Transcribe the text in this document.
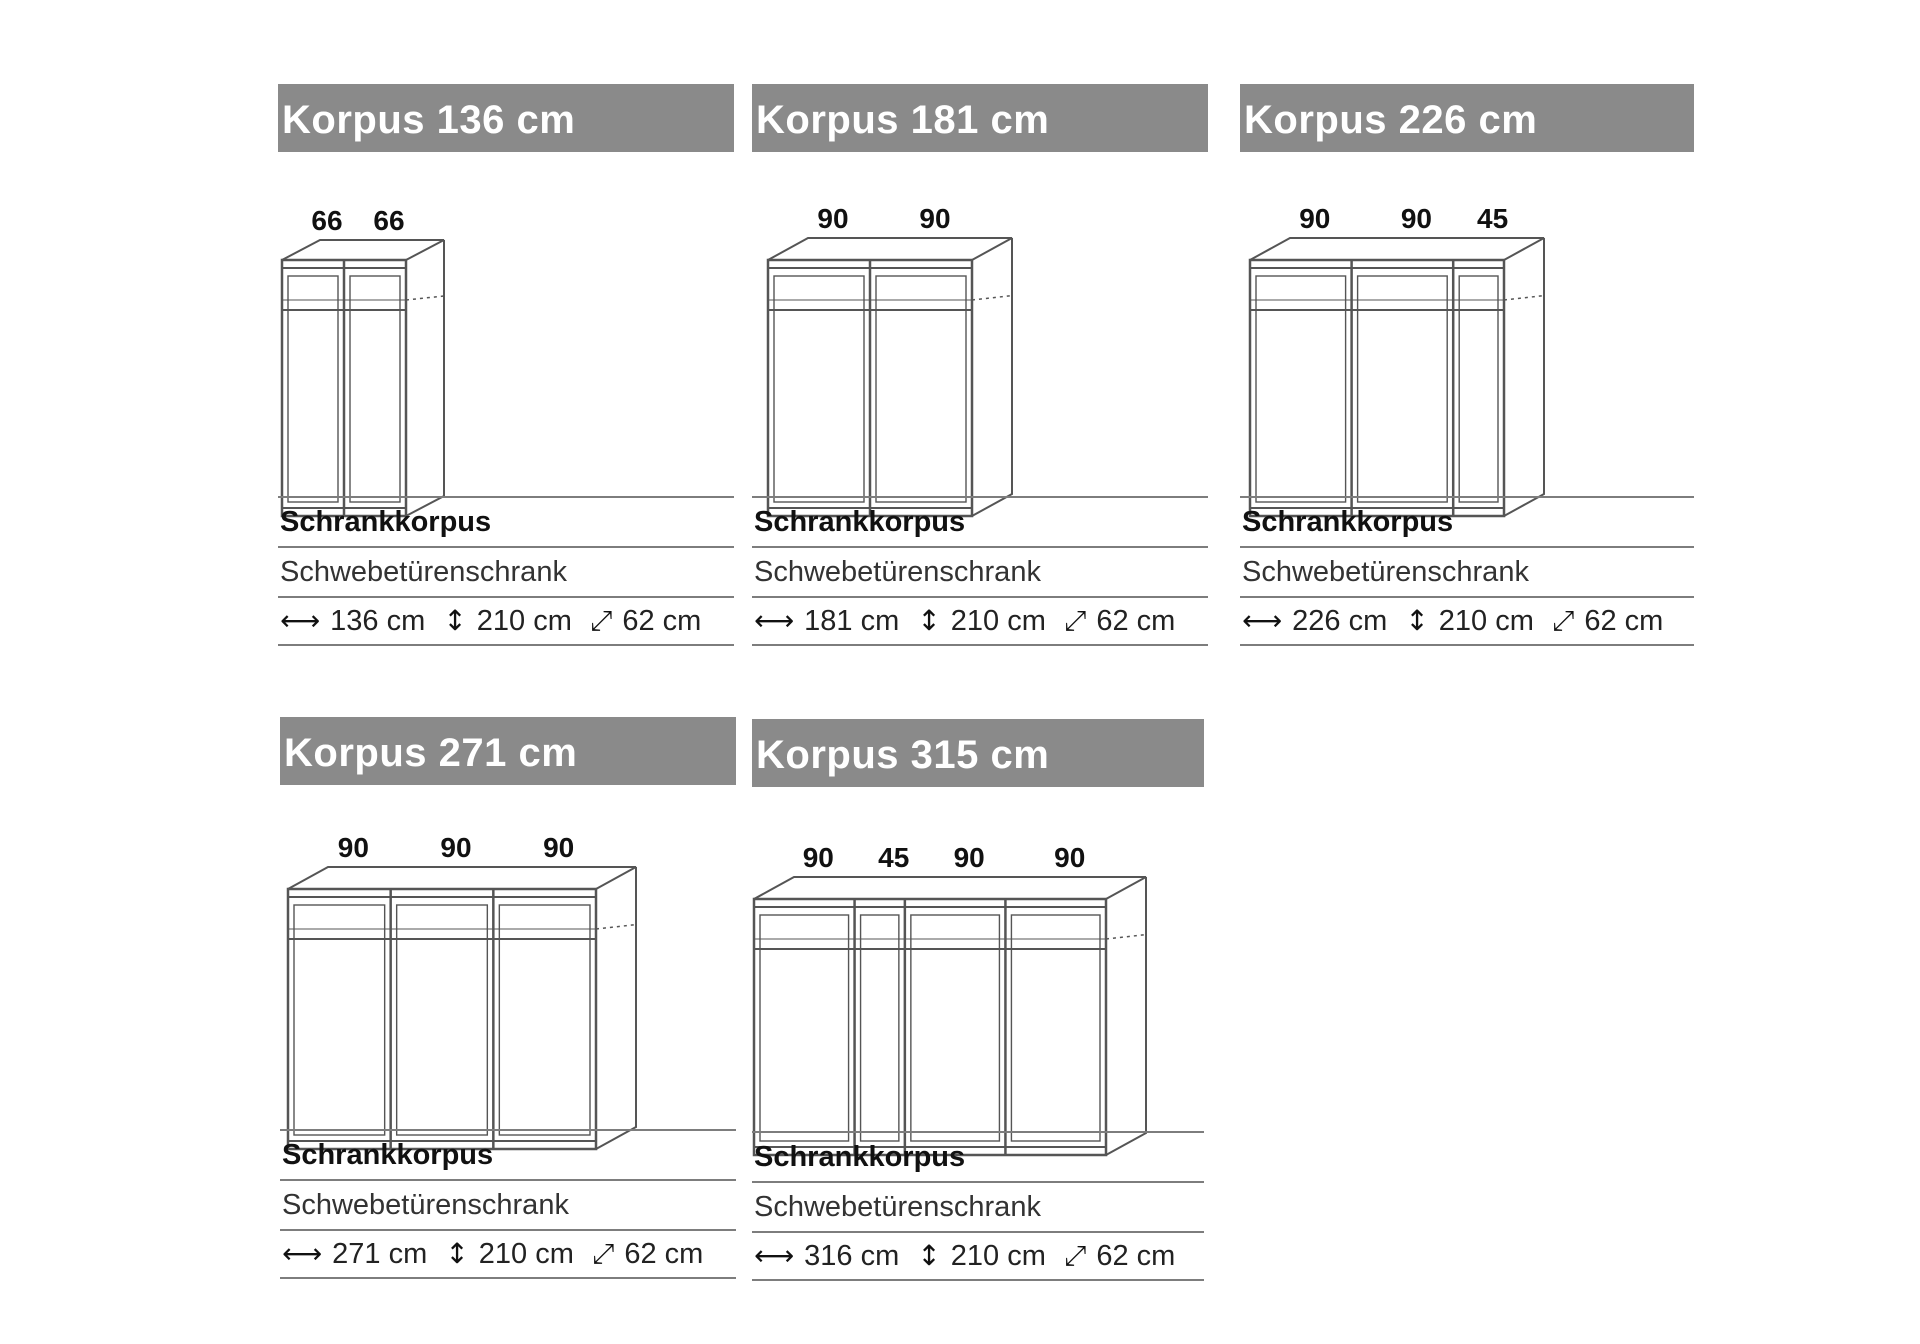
Korpus 136 cm
66 66
Schrankkorpus
Schwebetürenschrank
⟷ 136 cm ↕ 210 cm ⤢ 62 cm
Korpus 181 cm
90	90
Schrankkorpus
Schwebetürenschrank
⟷ 181 cm ↕ 210 cm ⤢ 62 cm
Korpus 226 cm
90	90 45
Schrankkorpus
Schwebetürenschrank
⟷ 226 cm ↕ 210 cm ⤢ 62 cm
Korpus 271 cm
90	90	90
Schrankkorpus
Schwebetürenschrank
⟷ 271 cm ↕ 210 cm ⤢ 62 cm
Korpus 315 cm
90 45 90 90
Schrankkorpus
Schwebetürenschrank
⟷ 316 cm ↕ 210 cm ⤢ 62 cm
